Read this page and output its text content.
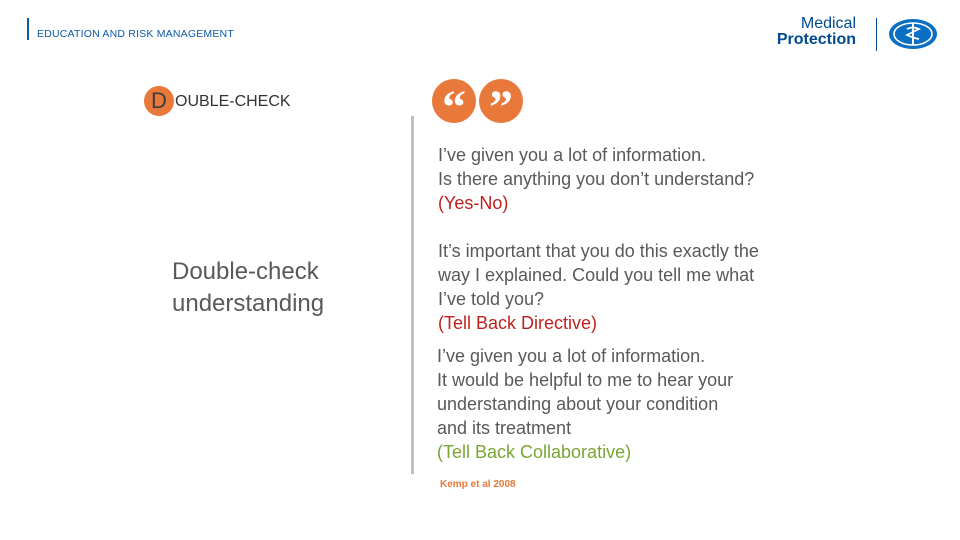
EDUCATION AND RISK MANAGEMENT
Medical
Protection
D OUBLE-CHECK	“ ”
Double-check
understanding
I’ve given you a lot of information.
Is there anything you don’t understand?
(Yes-No)
It’s important that you do this exactly the
way I explained. Could you tell me what
I’ve told you?
(Tell Back Directive)
I’ve given you a lot of information.
It would be helpful to me to hear your
understanding about your condition
and its treatment
(Tell Back Collaborative)
Kemp et al 2008
